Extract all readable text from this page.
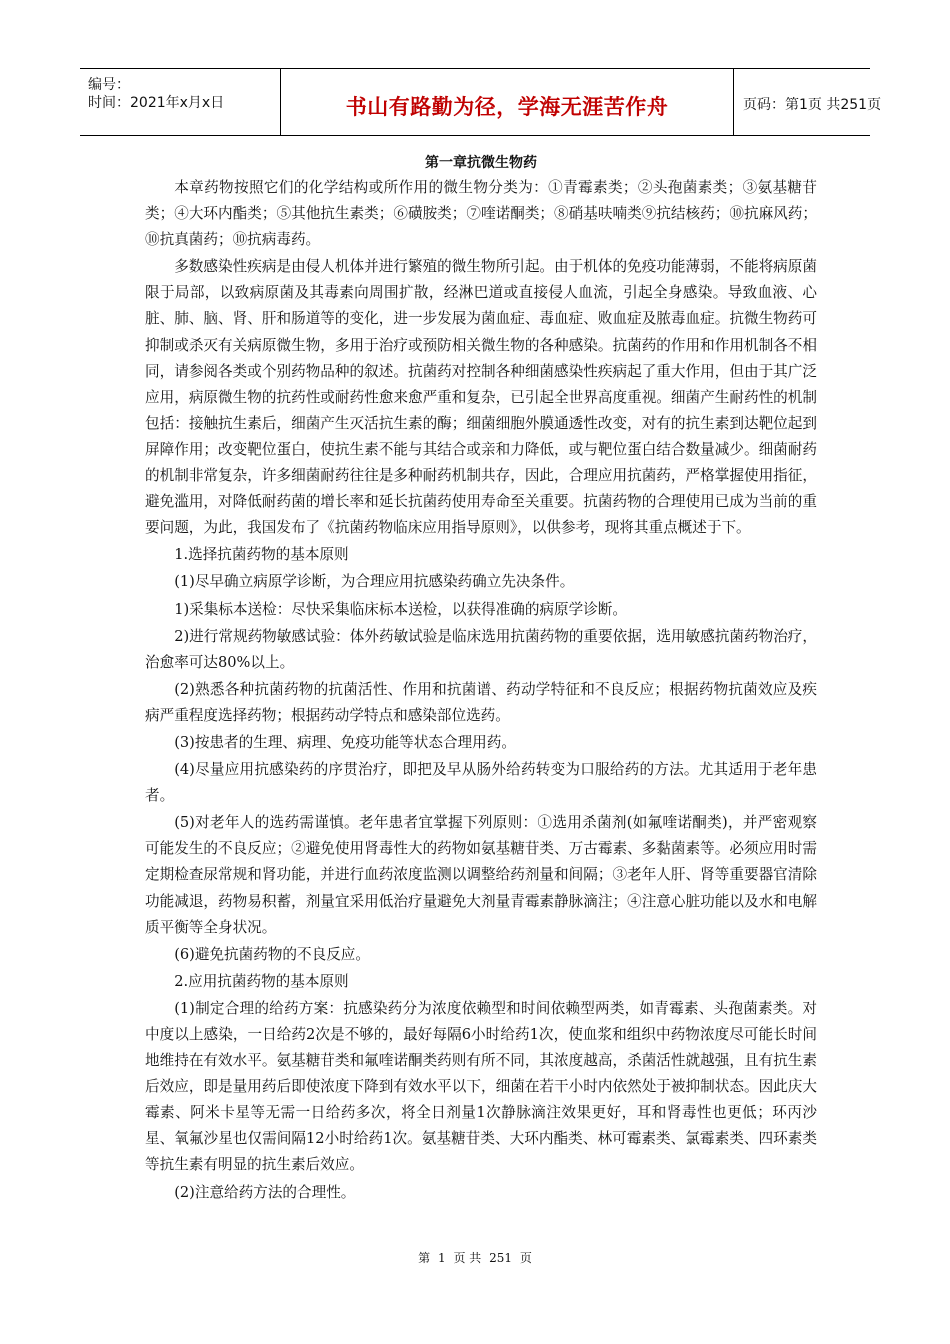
编号：
时间：2021年x月x日	书山有路勤为径，学海无涯苦作舟	页码：第1页 共251页
第一章抗微生物药

本章药物按照它们的化学结构或所作用的微生物分类为：①青霉素类；②头孢菌素类；③氨基糖苷类；④大环内酯类；⑤其他抗生素类；⑥磺胺类；⑦喹诺酮类；⑧硝基呋喃类⑨抗结核药；⑩抗麻风药；⑩抗真菌药；⑩抗病毒药。

多数感染性疾病是由侵人机体并进行繁殖的微生物所引起。由于机体的免疫功能薄弱，不能将病原菌限于局部，以致病原菌及其毒素向周围扩散，经淋巴道或直接侵人血流，引起全身感染。导致血液、心脏、肺、脑、肾、肝和肠道等的变化，进一步发展为菌血症、毒血症、败血症及脓毒血症。抗微生物药可抑制或杀灭有关病原微生物，多用于治疗或预防相关微生物的各种感染。抗菌药的作用和作用机制各不相同，请参阅各类或个别药物品种的叙述。抗菌药对控制各种细菌感染性疾病起了重大作用，但由于其广泛应用，病原微生物的抗药性或耐药性愈来愈严重和复杂，已引起全世界高度重视。细菌产生耐药性的机制包括：接触抗生素后，细菌产生灭活抗生素的酶；细菌细胞外膜通透性改变，对有的抗生素到达靶位起到屏障作用；改变靶位蛋白，使抗生素不能与其结合或亲和力降低，或与靶位蛋白结合数量减少。细菌耐药的机制非常复杂，许多细菌耐药往往是多种耐药机制共存，因此，合理应用抗菌药，严格掌握使用指征，避免滥用，对降低耐药菌的增长率和延长抗菌药使用寿命至关重要。抗菌药物的合理使用已成为当前的重要问题，为此，我国发布了《抗菌药物临床应用指导原则》，以供参考，现将其重点概述于下。

1.选择抗菌药物的基本原则

(1)尽早确立病原学诊断，为合理应用抗感染药确立先决条件。

1)采集标本送检：尽快采集临床标本送检，以获得准确的病原学诊断。

2)进行常规药物敏感试验：体外药敏试验是临床选用抗菌药物的重要依据，选用敏感抗菌药物治疗，治愈率可达80%以上。

(2)熟悉各种抗菌药物的抗菌活性、作用和抗菌谱、药动学特征和不良反应；根据药物抗菌效应及疾病严重程度选择药物；根据药动学特点和感染部位选药。

(3)按患者的生理、病理、免疫功能等状态合理用药。

(4)尽量应用抗感染药的序贯治疗，即把及早从肠外给药转变为口服给药的方法。尤其适用于老年患者。

(5)对老年人的选药需谨慎。老年患者宜掌握下列原则：①选用杀菌剂(如氟喹诺酮类)，并严密观察可能发生的不良反应；②避免使用肾毒性大的药物如氨基糖苷类、万古霉素、多黏菌素等。必须应用时需定期检查尿常规和肾功能，并进行血药浓度监测以调整给药剂量和间隔；③老年人肝、肾等重要器官清除功能减退，药物易积蓄，剂量宜采用低治疗量避免大剂量青霉素静脉滴注；④注意心脏功能以及水和电解质平衡等全身状况。

(6)避免抗菌药物的不良反应。

2.应用抗菌药物的基本原则

(1)制定合理的给药方案：抗感染药分为浓度依赖型和时间依赖型两类，如青霉素、头孢菌素类。对中度以上感染，一日给药2次是不够的，最好每隔6小时给药1次，使血浆和组织中药物浓度尽可能长时间地维持在有效水平。氨基糖苷类和氟喹诺酮类药则有所不同，其浓度越高，杀菌活性就越强，且有抗生素后效应，即是量用药后即使浓度下降到有效水平以下，细菌在若干小时内依然处于被抑制状态。因此庆大霉素、阿米卡星等无需一日给药多次，将全日剂量1次静脉滴注效果更好，耳和肾毒性也更低；环丙沙星、氧氟沙星也仅需间隔12小时给药1次。氨基糖苷类、大环内酯类、林可霉素类、氯霉素类、四环素类等抗生素有明显的抗生素后效应。

(2)注意给药方法的合理性。

第 1 页 共 251 页
